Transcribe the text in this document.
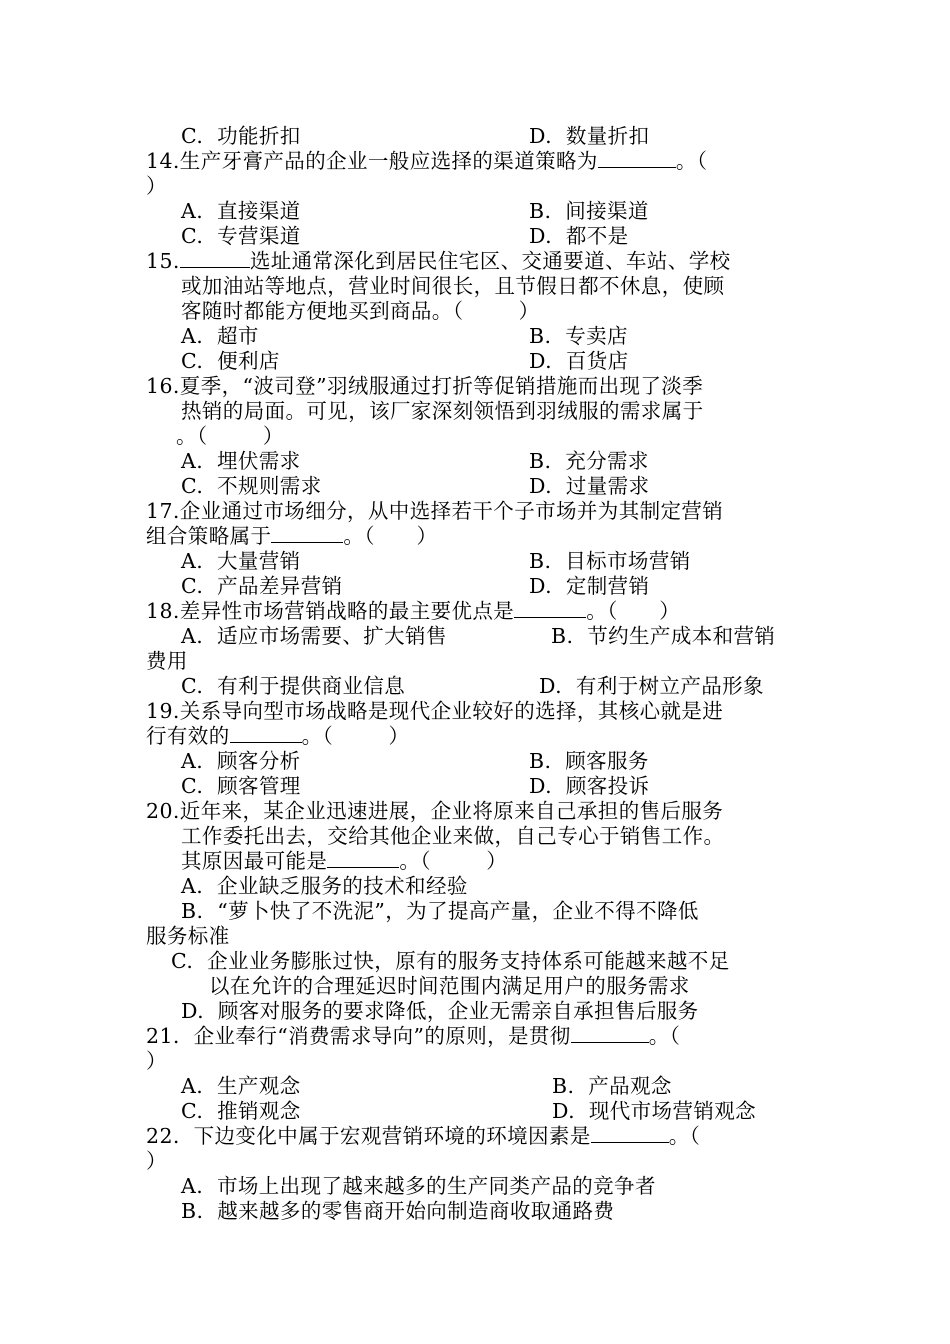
C.  功能折扣	D.  数量折扣
14.生产牙膏产品的企业一般应选择的渠道策略为	。（
）
A.  直接渠道	B.  间接渠道
C.  专营渠道	D.  都不是
15.	选址通常深化到居民住宅区、交通要道、车站、学校
或加油站等地点，营业时间很长，且节假日都不休息，使顾
客随时都能方便地买到商品。（        ）
A.  超市	B.  专卖店
C.  便利店	D.  百货店
16.夏季，“波司登”羽绒服通过打折等促销措施而出现了淡季
热销的局面。可见，该厂家深刻领悟到羽绒服的需求属于
。（        ）
A.  埋伏需求	B.  充分需求
C.  不规则需求	D.  过量需求
17.企业通过市场细分，从中选择若干个子市场并为其制定营销
组合策略属于	。（      ）
A.  大量营销	B.  目标市场营销
C.  产品差异营销	D.  定制营销
18.差异性市场营销战略的最主要优点是	。（      ）
A.  适应市场需要、扩大销售	B.  节约生产成本和营销
费用
C.  有利于提供商业信息	D.  有利于树立产品形象
19.关系导向型市场战略是现代企业较好的选择，其核心就是进
行有效的	。（        ）
A.  顾客分析	B.  顾客服务
C.  顾客管理	D.  顾客投诉
20.近年来，某企业迅速进展，企业将原来自己承担的售后服务
工作委托出去，交给其他企业来做，自己专心于销售工作。
其原因最可能是	。（        ）
A.  企业缺乏服务的技术和经验
B.  “萝卜快了不洗泥”，为了提高产量，企业不得不降低
服务标准
C.  企业业务膨胀过快，原有的服务支持体系可能越来越不足
以在允许的合理延迟时间范围内满足用户的服务需求
D.  顾客对服务的要求降低，企业无需亲自承担售后服务
21.  企业奉行“消费需求导向”的原则，是贯彻	。（
）
A.  生产观念	B.  产品观念
C.  推销观念	D.  现代市场营销观念
22.  下边变化中属于宏观营销环境的环境因素是	。（
）
A.  市场上出现了越来越多的生产同类产品的竞争者
B.  越来越多的零售商开始向制造商收取通路费
